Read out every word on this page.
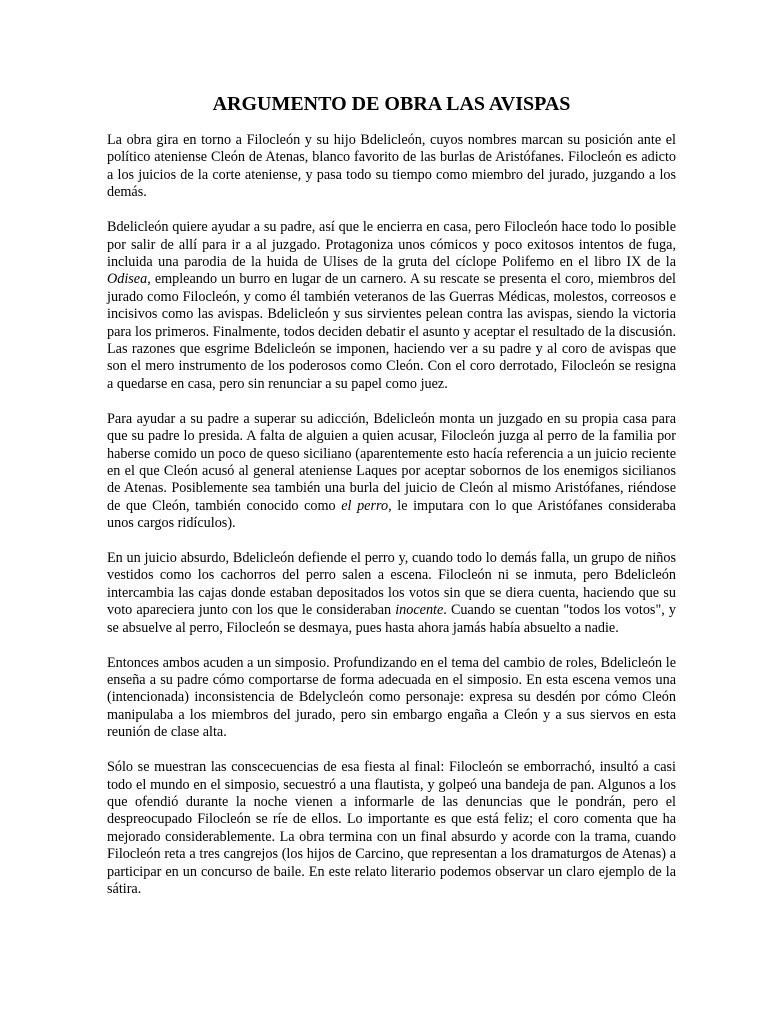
ARGUMENTO DE OBRA LAS AVISPAS

La obra gira en torno a Filocleón y su hijo Bdelicleón, cuyos nombres marcan su posición ante el político ateniense Cleón de Atenas, blanco favorito de las burlas de Aristófanes. Filocleón es adicto a los juicios de la corte ateniense, y pasa todo su tiempo como miembro del jurado, juzgando a los demás.

Bdelicleón quiere ayudar a su padre, así que le encierra en casa, pero Filocleón hace todo lo posible por salir de allí para ir a al juzgado. Protagoniza unos cómicos y poco exitosos intentos de fuga, incluida una parodia de la huida de Ulises de la gruta del cíclope Polifemo en el libro IX de la Odisea, empleando un burro en lugar de un carnero. A su rescate se presenta el coro, miembros del jurado como Filocleón, y como él también veteranos de las Guerras Médicas, molestos, correosos e incisivos como las avispas. Bdelicleón y sus sirvientes pelean contra las avispas, siendo la victoria para los primeros. Finalmente, todos deciden debatir el asunto y aceptar el resultado de la discusión. Las razones que esgrime Bdelicleón se imponen, haciendo ver a su padre y al coro de avispas que son el mero instrumento de los poderosos como Cleón. Con el coro derrotado, Filocleón se resigna a quedarse en casa, pero sin renunciar a su papel como juez.

Para ayudar a su padre a superar su adicción, Bdelicleón monta un juzgado en su propia casa para que su padre lo presida. A falta de alguien a quien acusar, Filocleón juzga al perro de la familia por haberse comido un poco de queso siciliano (aparentemente esto hacía referencia a un juicio reciente en el que Cleón acusó al general ateniense Laques por aceptar sobornos de los enemigos sicilianos de Atenas. Posiblemente sea también una burla del juicio de Cleón al mismo Aristófanes, riéndose de que Cleón, también conocido como el perro, le imputara con lo que Aristófanes consideraba unos cargos ridículos).

En un juicio absurdo, Bdelicleón defiende el perro y, cuando todo lo demás falla, un grupo de niños vestidos como los cachorros del perro salen a escena. Filocleón ni se inmuta, pero Bdelicleón intercambia las cajas donde estaban depositados los votos sin que se diera cuenta, haciendo que su voto apareciera junto con los que le consideraban inocente. Cuando se cuentan "todos los votos", y se absuelve al perro, Filocleón se desmaya, pues hasta ahora jamás había absuelto a nadie.

Entonces ambos acuden a un simposio. Profundizando en el tema del cambio de roles, Bdelicleón le enseña a su padre cómo comportarse de forma adecuada en el simposio. En esta escena vemos una (intencionada) inconsistencia de Bdelycleón como personaje: expresa su desdén por cómo Cleón manipulaba a los miembros del jurado, pero sin embargo engaña a Cleón y a sus siervos en esta reunión de clase alta.

Sólo se muestran las conscecuencias de esa fiesta al final: Filocleón se emborrachó, insultó a casi todo el mundo en el simposio, secuestró a una flautista, y golpeó una bandeja de pan. Algunos a los que ofendió durante la noche vienen a informarle de las denuncias que le pondrán, pero el despreocupado Filocleón se ríe de ellos. Lo importante es que está feliz; el coro comenta que ha mejorado considerablemente. La obra termina con un final absurdo y acorde con la trama, cuando Filocleón reta a tres cangrejos (los hijos de Carcino, que representan a los dramaturgos de Atenas) a participar en un concurso de baile. En este relato literario podemos observar un claro ejemplo de la sátira.
